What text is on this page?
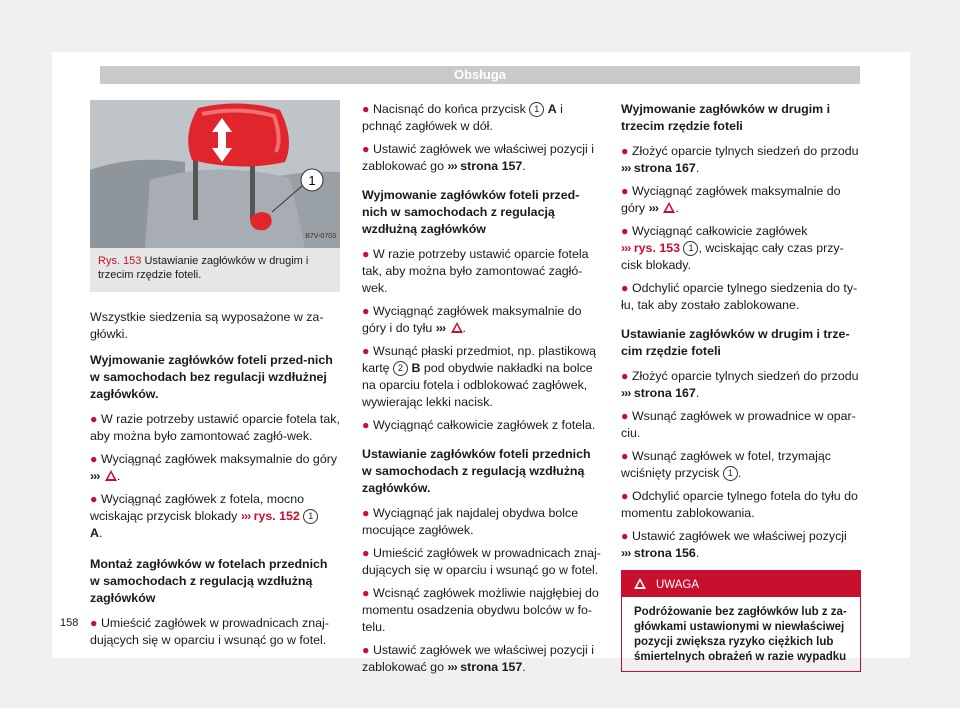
Obsługa
1
B7V-0703
Rys. 153 Ustawianie zagłówków w drugim i trzecim rzędzie foteli.

Wszystkie siedzenia są wyposażone w za-główki.

Wyjmowanie zagłówków foteli przed-nich w samochodach bez regulacji wzdłużnej zagłówków.

● W razie potrzeby ustawić oparcie fotela tak, aby można było zamontować zagłó-wek.

● Wyciągnąć zagłówek maksymalnie do góry ››› .

● Wyciągnąć zagłówek z fotela, mocno wciskając przycisk blokady ››› rys. 152 1
A.

Montaż zagłówków w fotelach przednich w samochodach z regulacją wzdłużną zagłówków

● Umieścić zagłówek w prowadnicach znaj-dujących się w oparciu i wsunąć go w fotel.

● Nacisnąć do końca przycisk 1 A i pchnąć zagłówek w dół.

● Ustawić zagłówek we właściwej pozycji i zablokować go ››› strona 157.

Wyjmowanie zagłówków foteli przed-nich w samochodach z regulacją wzdłużną zagłówków

● W razie potrzeby ustawić oparcie fotela tak, aby można było zamontować zagłó-wek.

● Wyciągnąć zagłówek maksymalnie do góry i do tyłu ››› .

● Wsunąć płaski przedmiot, np. plastikową kartę 2 B pod obydwie nakładki na bolce na oparciu fotela i odblokować zagłówek, wywierając lekki nacisk.

● Wyciągnąć całkowicie zagłówek z fotela.

Ustawianie zagłówków foteli przednich w samochodach z regulacją wzdłużną zagłówków.

● Wyciągnąć jak najdalej obydwa bolce mocujące zagłówek.

● Umieścić zagłówek w prowadnicach znaj-dujących się w oparciu i wsunąć go w fotel.

● Wcisnąć zagłówek możliwie najgłębiej do momentu osadzenia obydwu bolców w fo-telu.

● Ustawić zagłówek we właściwej pozycji i zablokować go ››› strona 157.

Wyjmowanie zagłówków w drugim i trzecim rzędzie foteli

● Złożyć oparcie tylnych siedzeń do przodu ››› strona 167.

● Wyciągnąć zagłówek maksymalnie do góry ››› .

● Wyciągnąć całkowicie zagłówek
››› rys. 153 1 , wciskając cały czas przy-cisk blokady.

● Odchylić oparcie tylnego siedzenia do ty-łu, tak aby zostało zablokowane.

Ustawianie zagłówków w drugim i trze-cim rzędzie foteli

● Złożyć oparcie tylnych siedzeń do przodu ››› strona 167.

● Wsunąć zagłówek w prowadnice w opar-ciu.

● Wsunąć zagłówek w fotel, trzymając wciśnięty przycisk 1 .

● Odchylić oparcie tylnego fotela do tyłu do momentu zablokowania.

● Ustawić zagłówek we właściwej pozycji
››› strona 156.

UWAGA
Podróżowanie bez zagłówków lub z za-główkami ustawionymi w niewłaściwej pozycji zwiększa ryzyko ciężkich lub śmiertelnych obrażeń w razie wypadku
158
